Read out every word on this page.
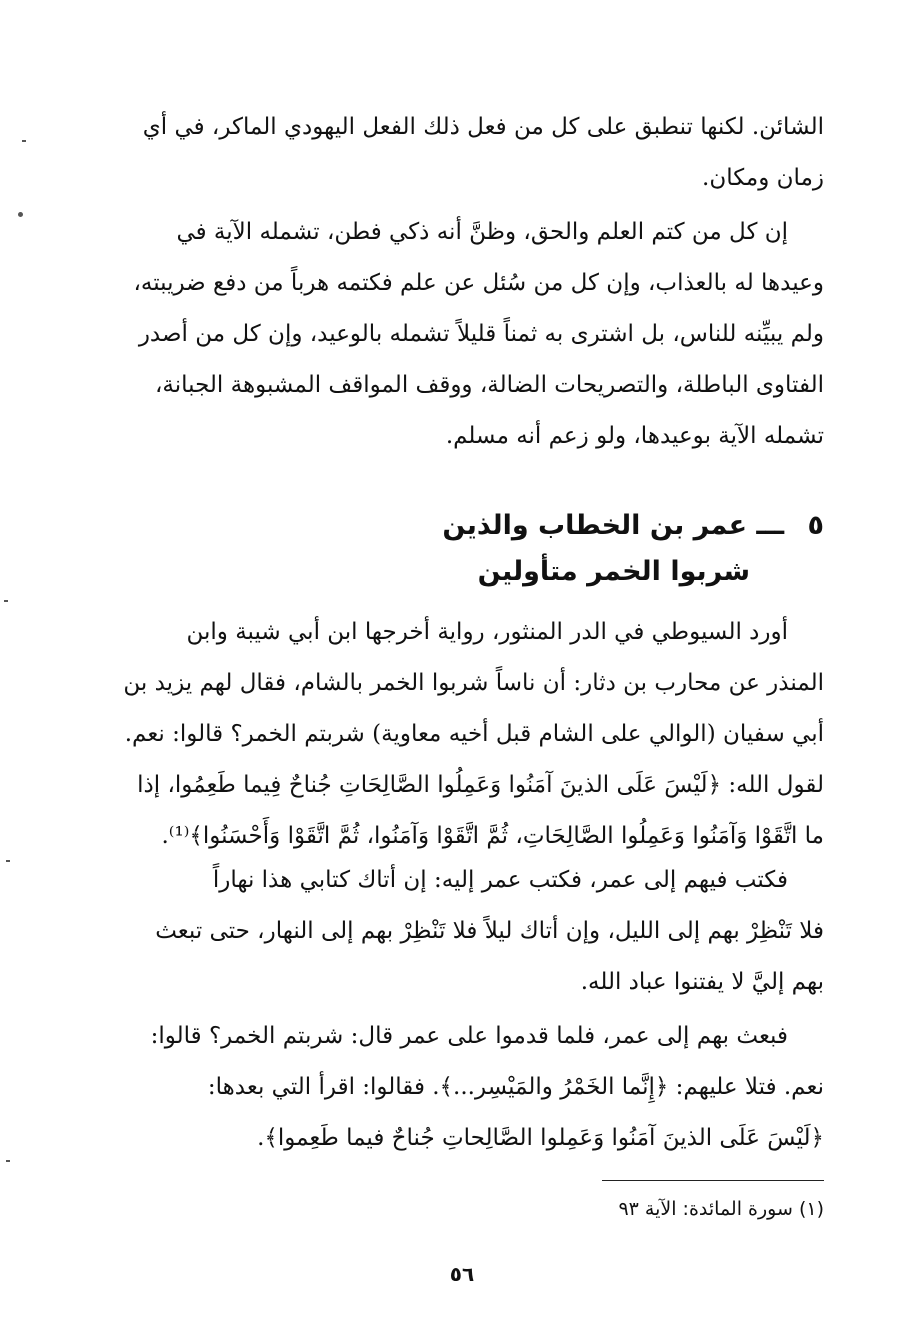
الشائن. لكنها تنطبق على كل من فعل ذلك الفعل اليهودي الماكر، في أي
زمان ومكان.
إن كل من كتم العلم والحق، وظنَّ أنه ذكي فطن، تشمله الآية في
وعيدها له بالعذاب، وإن كل من سُئل عن علم فكتمه هرباً من دفع ضريبته،
ولم يبيِّنه للناس، بل اشترى به ثمناً قليلاً تشمله بالوعيد، وإن كل من أصدر
الفتاوى الباطلة، والتصريحات الضالة، ووقف المواقف المشبوهة الجبانة،
تشمله الآية بوعيدها، ولو زعم أنه مسلم.
٥ ـــ عمر بن الخطاب والذين
شربوا الخمر متأولين
أورد السيوطي في الدر المنثور، رواية أخرجها ابن أبي شيبة وابن
المنذر عن محارب بن دثار: أن ناساً شربوا الخمر بالشام، فقال لهم يزيد بن
أبي سفيان (الوالي على الشام قبل أخيه معاوية) شربتم الخمر؟ قالوا: نعم.
لقول الله: ﴿لَيْسَ عَلَى الذينَ آمَنُوا وَعَمِلُوا الصَّالِحَاتِ جُناحٌ فِيما طَعِمُوا، إذا
ما اتَّقَوْا وَآمَنُوا وَعَمِلُوا الصَّالِحَاتِ، ثُمَّ اتَّقَوْا وَآمَنُوا، ثُمَّ اتَّقَوْا وَأَحْسَنُوا﴾⁽¹⁾.
فكتب فيهم إلى عمر، فكتب عمر إليه: إن أتاك كتابي هذا نهاراً
فلا تَنْظِرْ بهم إلى الليل، وإن أتاك ليلاً فلا تَنْظِرْ بهم إلى النهار، حتى تبعث
بهم إليَّ لا يفتنوا عباد الله.
فبعث بهم إلى عمر، فلما قدموا على عمر قال: شربتم الخمر؟ قالوا:
نعم. فتلا عليهم: ﴿إِنَّما الخَمْرُ والمَيْسِر...﴾. فقالوا: اقرأ التي بعدها:
﴿لَيْسَ عَلَى الذينَ آمَنُوا وَعَمِلوا الصَّالِحاتِ جُناحٌ فيما طَعِموا﴾.
(١) سورة المائدة: الآية ٩٣
٥٦
